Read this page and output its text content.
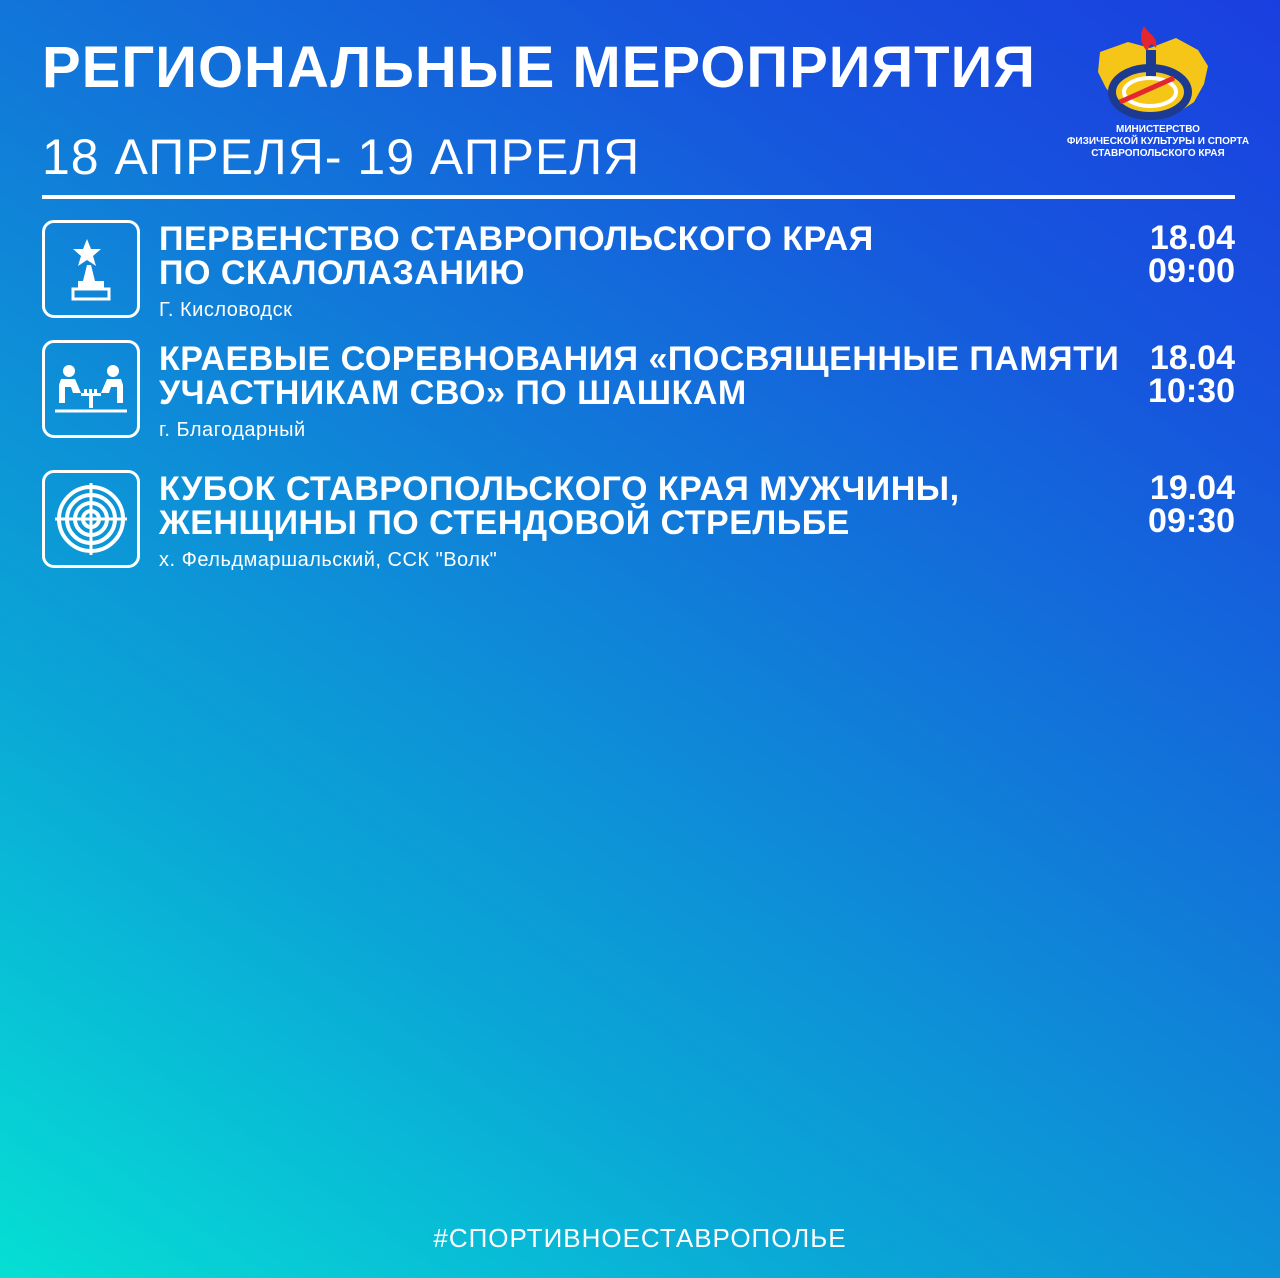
РЕГИОНАЛЬНЫЕ МЕРОПРИЯТИЯ
18 АПРЕЛЯ- 19 АПРЕЛЯ	МИНИСТЕРСТВО
ФИЗИЧЕСКОЙ КУЛЬТУРЫ И СПОРТА
СТАВРОПОЛЬСКОГО КРАЯ
ПЕРВЕНСТВО СТАВРОПОЛЬСКОГО КРАЯ
ПО СКАЛОЛАЗАНИЮ
Г. Кисловодск
18.04
09:00
КРАЕВЫЕ СОРЕВНОВАНИЯ «ПОСВЯЩЕННЫЕ ПАМЯТИ
УЧАСТНИКАМ СВО» ПО ШАШКАМ
г. Благодарный
18.04
10:30
КУБОК СТАВРОПОЛЬСКОГО КРАЯ МУЖЧИНЫ,
ЖЕНЩИНЫ ПО СТЕНДОВОЙ СТРЕЛЬБЕ
х. Фельдмаршальский, ССК "Волк"
19.04
09:30
#СПОРТИВНОЕСТАВРОПОЛЬЕ
